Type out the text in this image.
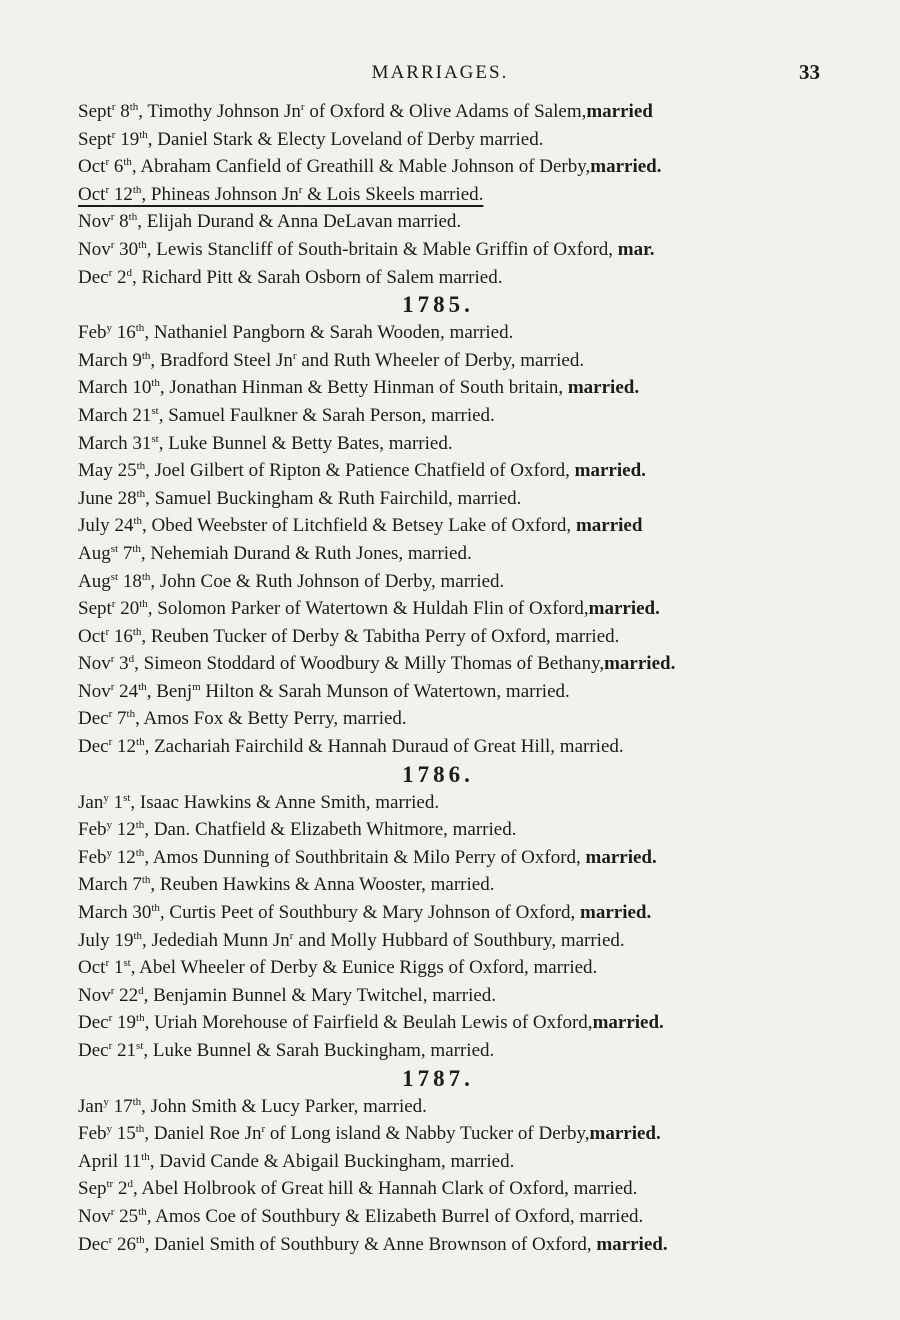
MARRIAGES.	33
Sept$^r$ 8th, Timothy Johnson Jn$^r$ of Oxford & Olive Adams of Salem,married
Sept$^r$ 19th, Daniel Stark & Electy Loveland of Derby married.
Oct$^r$ 6th, Abraham Canfield of Greathill & Mable Johnson of Derby,married.
Oct$^r$ 12th, Phineas Johnson Jn$^r$ & Lois Skeels married.
Nov$^r$ 8th, Elijah Durand & Anna DeLavan married.
Nov$^r$ 30th, Lewis Stancliff of South-britain & Mable Griffin of Oxford, mar.
Dec$^r$ 2$^d$, Richard Pitt & Sarah Osborn of Salem married.
1785.
Feb$^y$ 16th, Nathaniel Pangborn & Sarah Wooden, married.
March 9th, Bradford Steel Jn$^r$ and Ruth Wheeler of Derby, married.
March 10th, Jonathan Hinman & Betty Hinman of South britain, married.
March 21st, Samuel Faulkner & Sarah Person, married.
March 31st, Luke Bunnel & Betty Bates, married.
May 25th, Joel Gilbert of Ripton & Patience Chatfield of Oxford, married.
June 28th, Samuel Buckingham & Ruth Fairchild, married.
July 24th, Obed Weebster of Litchfield & Betsey Lake of Oxford, married
Aug$^{st}$ 7th, Nehemiah Durand & Ruth Jones, married.
Aug$^{st}$ 18th, John Coe & Ruth Johnson of Derby, married.
Sept$^r$ 20th, Solomon Parker of Watertown & Huldah Flin of Oxford,married.
Oct$^r$ 16th, Reuben Tucker of Derby & Tabitha Perry of Oxford, married.
Nov$^r$ 3$^d$, Simeon Stoddard of Woodbury & Milly Thomas of Bethany,married.
Nov$^r$ 24th, Benj$^m$ Hilton & Sarah Munson of Watertown, married.
Dec$^r$ 7th, Amos Fox & Betty Perry, married.
Dec$^r$ 12th, Zachariah Fairchild & Hannah Duraud of Great Hill, married.
1786.
Jan$^y$ 1st, Isaac Hawkins & Anne Smith, married.
Feb$^y$ 12th, Dan. Chatfield & Elizabeth Whitmore, married.
Feb$^y$ 12th, Amos Dunning of Southbritain & Milo Perry of Oxford, married.
March 7th, Reuben Hawkins & Anna Wooster, married.
March 30th, Curtis Peet of Southbury & Mary Johnson of Oxford, married.
July 19th, Jedediah Munn Jn$^r$ and Molly Hubbard of Southbury, married.
Oct$^r$ 1st, Abel Wheeler of Derby & Eunice Riggs of Oxford, married.
Nov$^r$ 22$^d$, Benjamin Bunnel & Mary Twitchel, married.
Dec$^r$ 19th, Uriah Morehouse of Fairfield & Beulah Lewis of Oxford,married.
Dec$^r$ 21st, Luke Bunnel & Sarah Buckingham, married.
1787.
Jan$^y$ 17th, John Smith & Lucy Parker, married.
Feb$^y$ 15th, Daniel Roe Jn$^r$ of Long island & Nabby Tucker of Derby,married.
April 11th, David Cande & Abigail Buckingham, married.
Sep$^{tr}$ 2$^d$, Abel Holbrook of Great hill & Hannah Clark of Oxford, married.
Nov$^r$ 25th, Amos Coe of Southbury & Elizabeth Burrel of Oxford, married.
Dec$^r$ 26th, Daniel Smith of Southbury & Anne Brownson of Oxford, married.
